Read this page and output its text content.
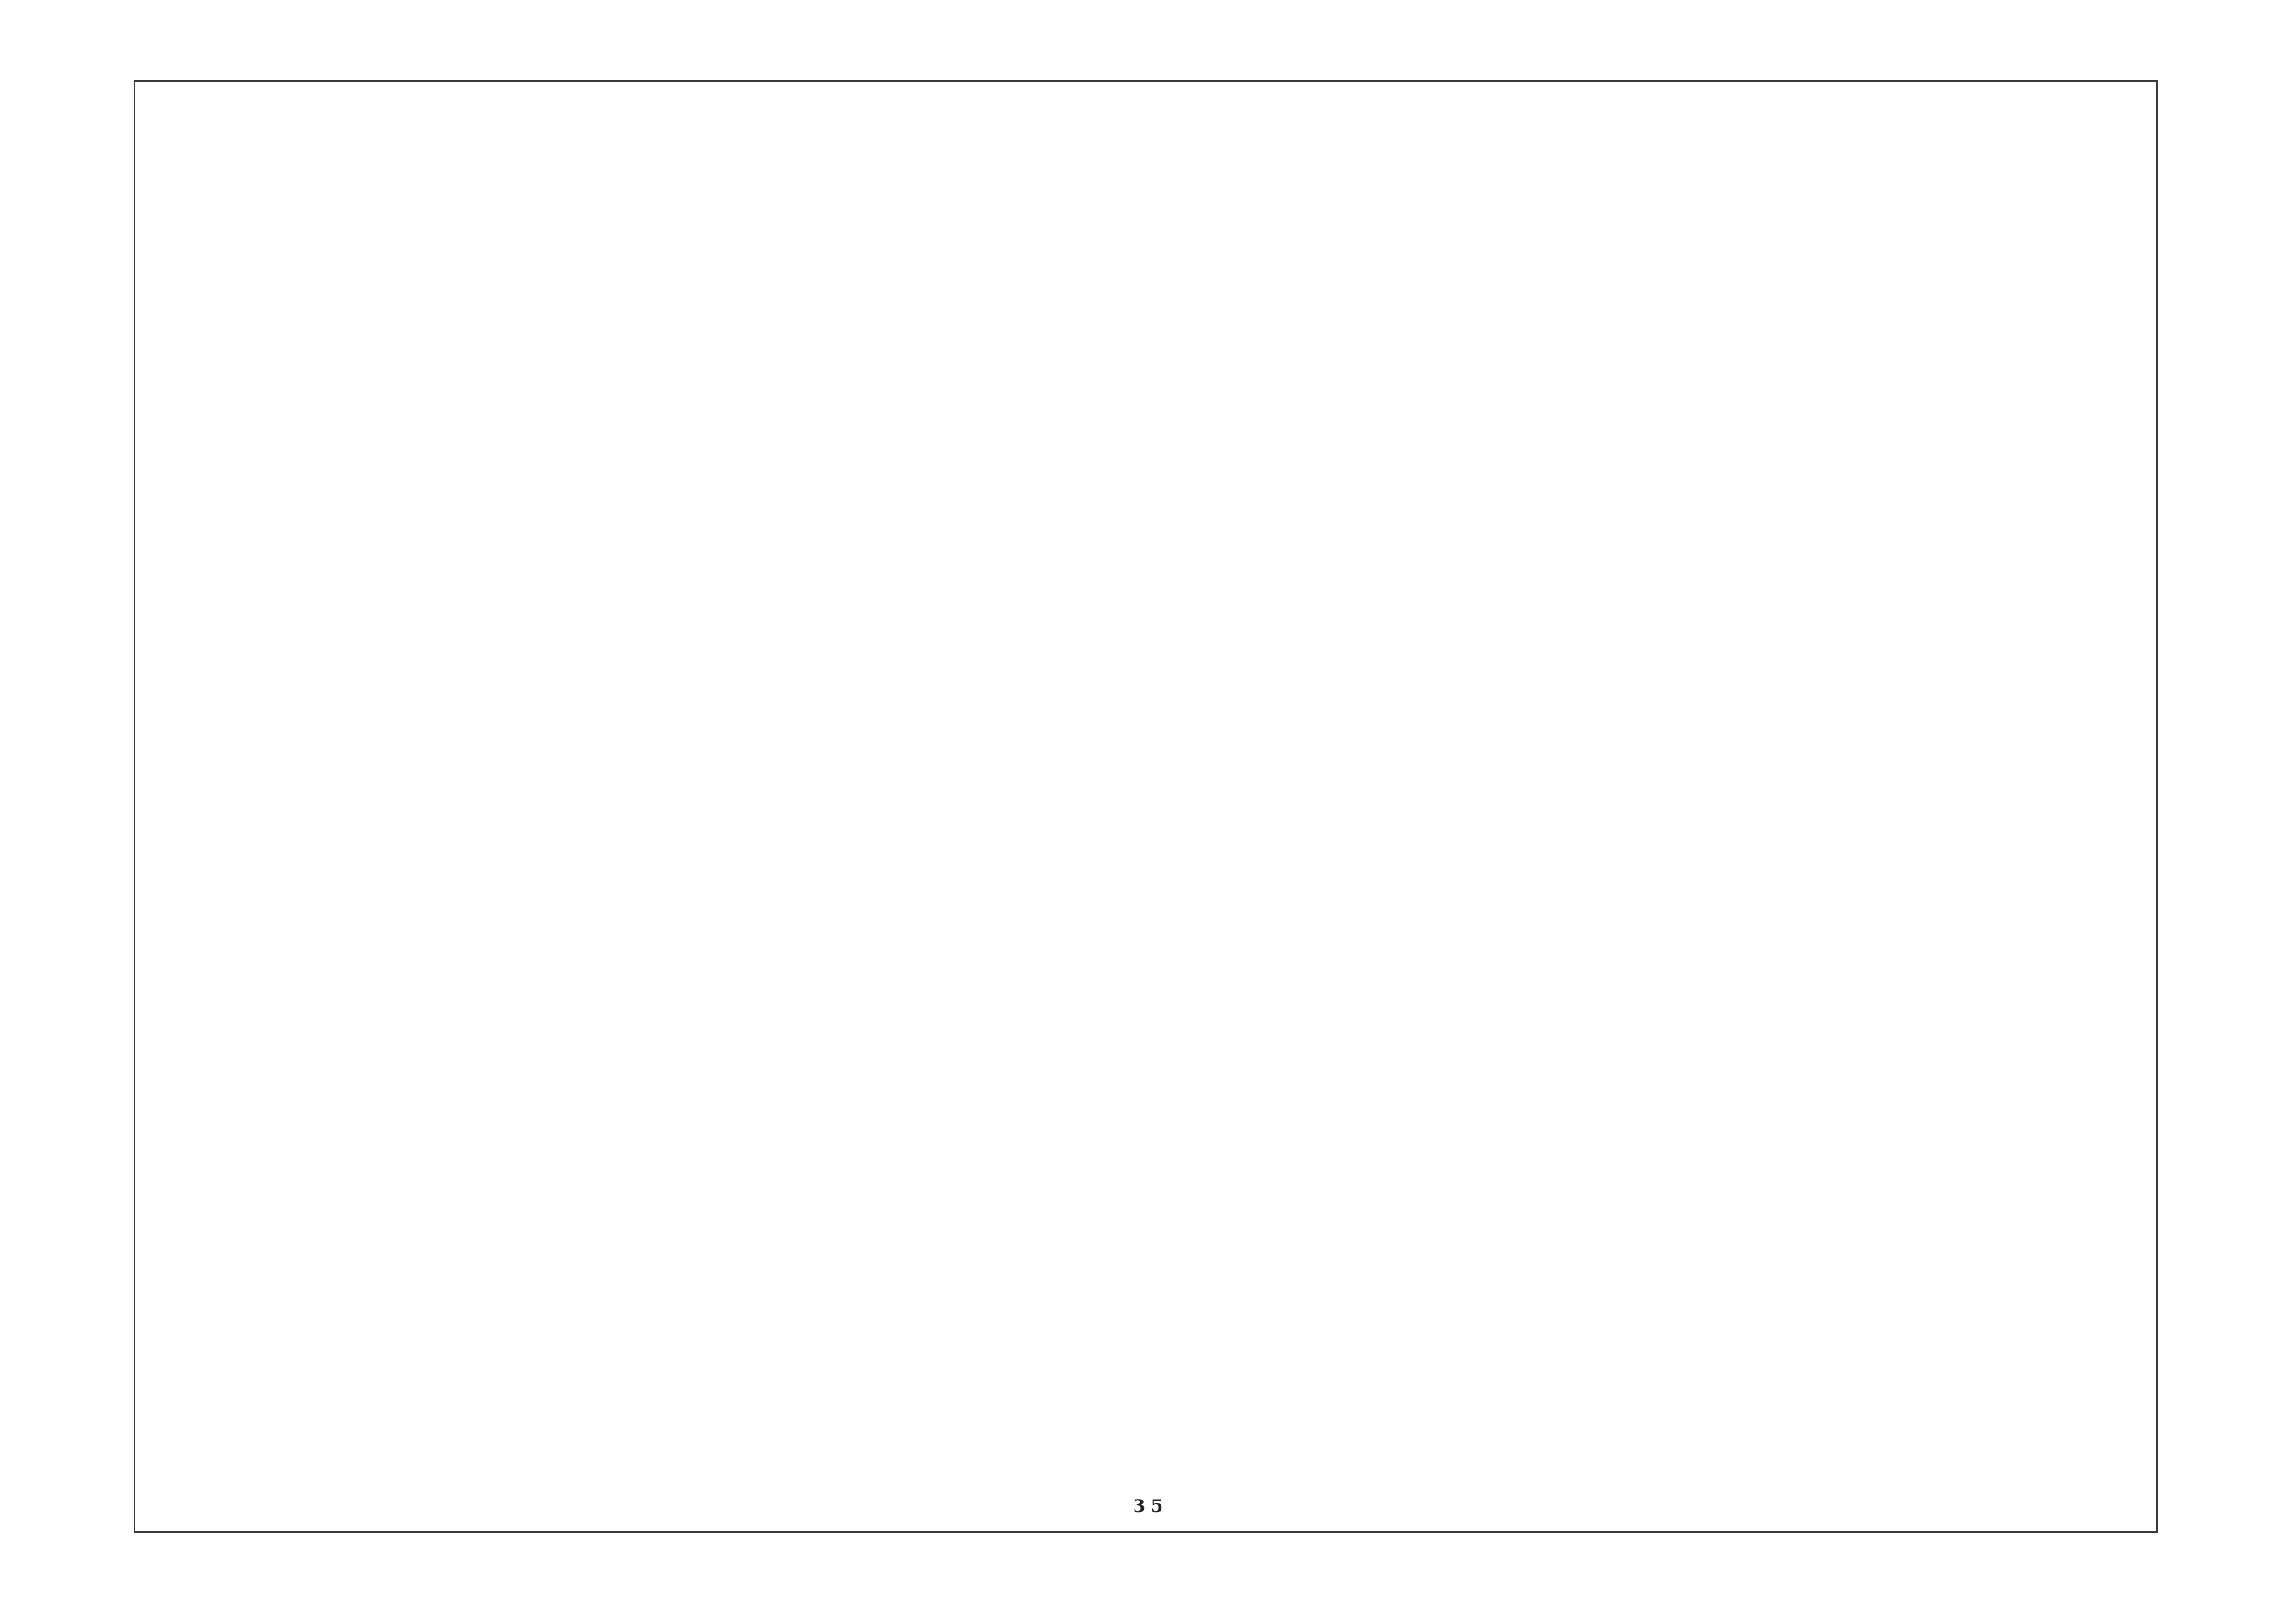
3 5
